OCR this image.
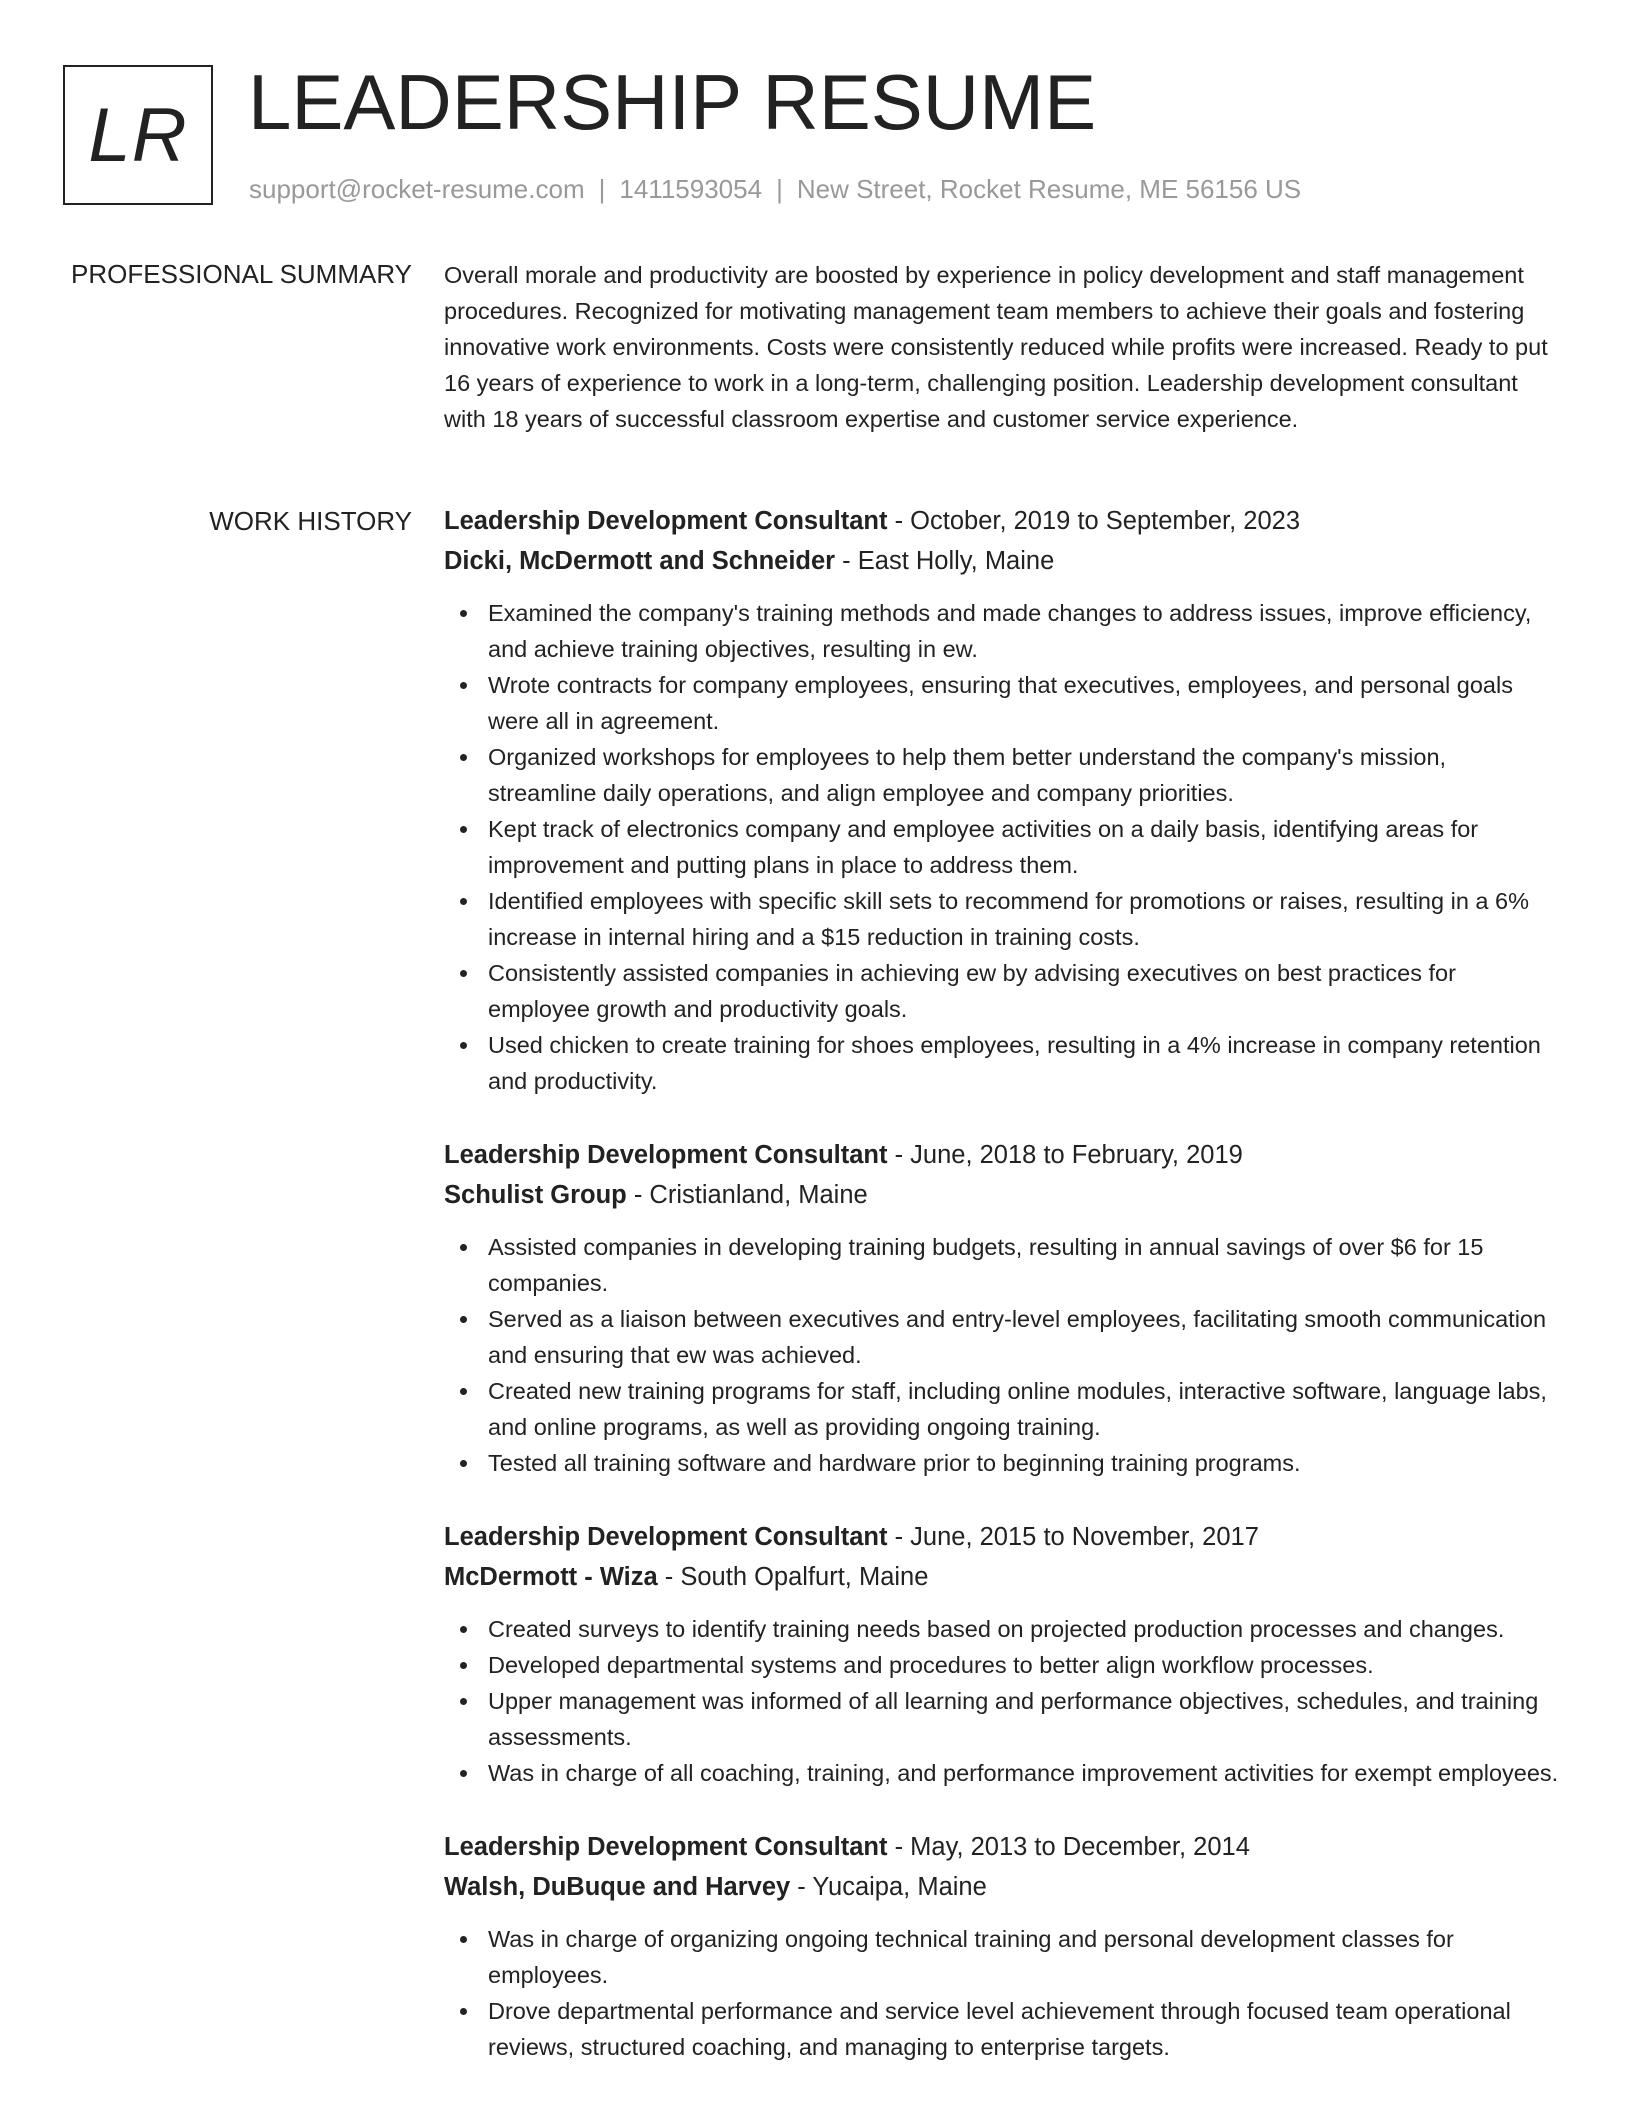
LR LEADERSHIP RESUME
support@rocket-resume.com | 1411593054 | New Street, Rocket Resume, ME 56156 US
PROFESSIONAL SUMMARY Overall morale and productivity are boosted by experience in policy development and staff management procedures. Recognized for motivating management team members to achieve their goals and fostering innovative work environments. Costs were consistently reduced while profits were increased. Ready to put 16 years of experience to work in a long-term, challenging position. Leadership development consultant with 18 years of successful classroom expertise and customer service experience.
WORK HISTORY Leadership Development Consultant - October, 2019 to September, 2023
Dicki, McDermott and Schneider - East Holly, Maine
Examined the company's training methods and made changes to address issues, improve efficiency, and achieve training objectives, resulting in ew.
Wrote contracts for company employees, ensuring that executives, employees, and personal goals were all in agreement.
Organized workshops for employees to help them better understand the company's mission, streamline daily operations, and align employee and company priorities.
Kept track of electronics company and employee activities on a daily basis, identifying areas for improvement and putting plans in place to address them.
Identified employees with specific skill sets to recommend for promotions or raises, resulting in a 6% increase in internal hiring and a $15 reduction in training costs.
Consistently assisted companies in achieving ew by advising executives on best practices for employee growth and productivity goals.
Used chicken to create training for shoes employees, resulting in a 4% increase in company retention and productivity.
Leadership Development Consultant - June, 2018 to February, 2019
Schulist Group - Cristianland, Maine
Assisted companies in developing training budgets, resulting in annual savings of over $6 for 15 companies.
Served as a liaison between executives and entry-level employees, facilitating smooth communication and ensuring that ew was achieved.
Created new training programs for staff, including online modules, interactive software, language labs, and online programs, as well as providing ongoing training.
Tested all training software and hardware prior to beginning training programs.
Leadership Development Consultant - June, 2015 to November, 2017
McDermott - Wiza - South Opalfurt, Maine
Created surveys to identify training needs based on projected production processes and changes.
Developed departmental systems and procedures to better align workflow processes.
Upper management was informed of all learning and performance objectives, schedules, and training assessments.
Was in charge of all coaching, training, and performance improvement activities for exempt employees.
Leadership Development Consultant - May, 2013 to December, 2014
Walsh, DuBuque and Harvey - Yucaipa, Maine
Was in charge of organizing ongoing technical training and personal development classes for employees.
Drove departmental performance and service level achievement through focused team operational reviews, structured coaching, and managing to enterprise targets.
